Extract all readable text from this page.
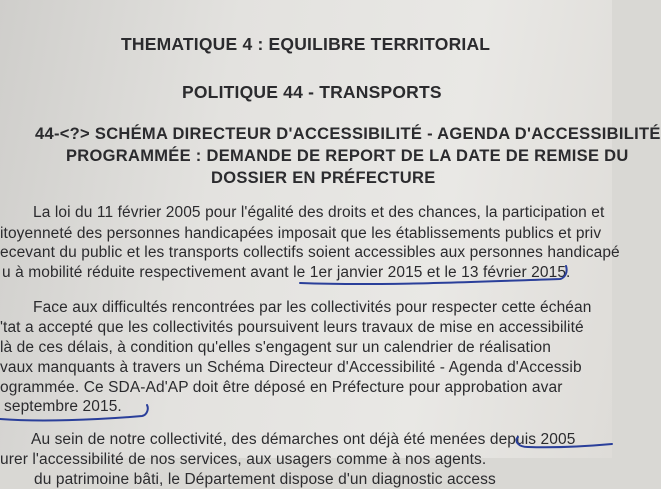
THEMATIQUE 4 : EQUILIBRE TERRITORIAL
POLITIQUE 44 - TRANSPORTS
44-<?> SCHÉMA DIRECTEUR D'ACCESSIBILITÉ - AGENDA D'ACCESSIBILITÉ
PROGRAMMÉE : DEMANDE DE REPORT DE LA DATE DE REMISE DU
DOSSIER EN PRÉFECTURE
La loi du 11 février 2005 pour l'égalité des droits et des chances, la participation et
itoyenneté des personnes handicapées imposait que les établissements publics et priv
ecevant du public et les transports collectifs soient accessibles aux personnes handicapé
u à mobilité réduite respectivement avant le 1er janvier 2015 et le 13 février 2015.
Face aux difficultés rencontrées par les collectivités pour respecter cette échéan
'tat a accepté que les collectivités poursuivent leurs travaux de mise en accessibilité
là de ces délais, à condition qu'elles s'engagent sur un calendrier de réalisation
vaux manquants à travers un Schéma Directeur d'Accessibilité - Agenda d'Accessib
ogrammée. Ce SDA-Ad'AP doit être déposé en Préfecture pour approbation avar
septembre 2015.
Au sein de notre collectivité, des démarches ont déjà été menées depuis 2005
urer l'accessibilité de nos services, aux usagers comme à nos agents.
du patrimoine bâti, le Département dispose d'un diagnostic access
